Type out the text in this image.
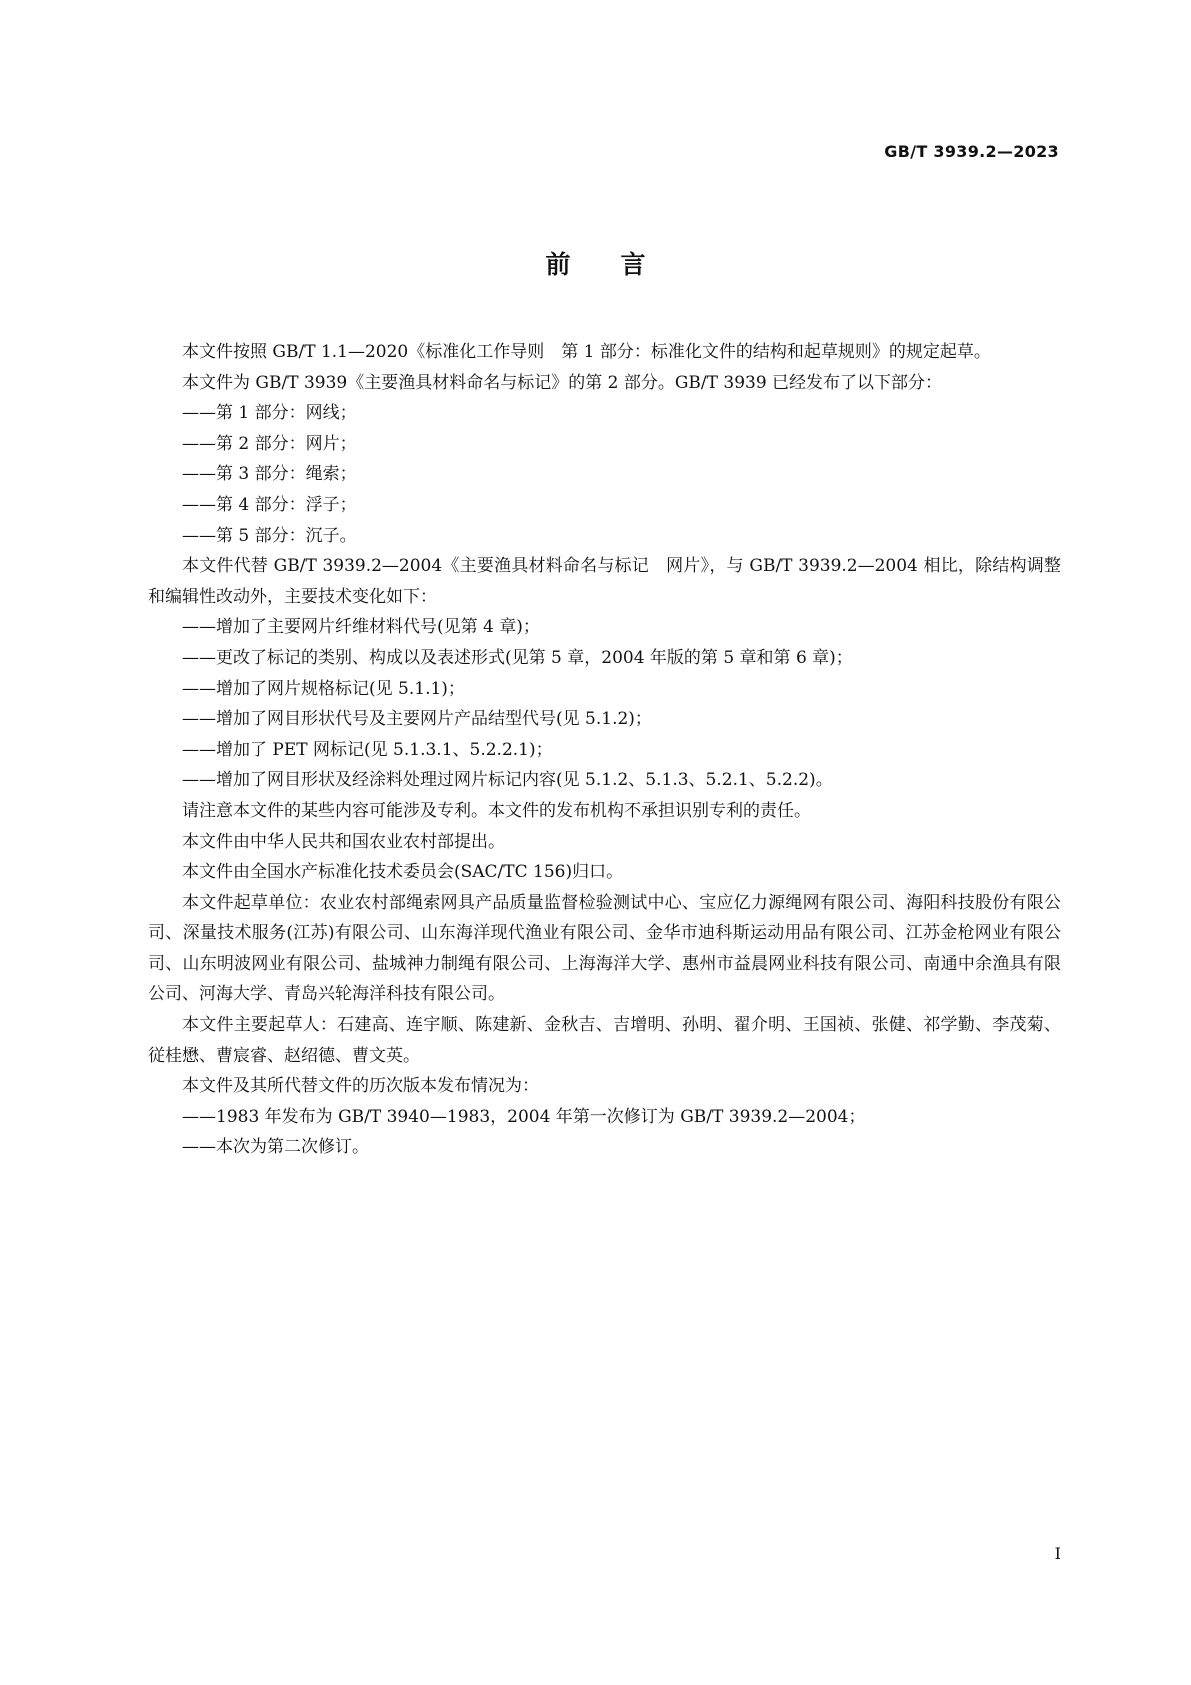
GB/T 3939.2—2023
前言

本文件按照 GB/T 1.1—2020《标准化工作导则　第 1 部分：标准化文件的结构和起草规则》的规定起草。

本文件为 GB/T 3939《主要渔具材料命名与标记》的第 2 部分。GB/T 3939 已经发布了以下部分：

——第 1 部分：网线；

——第 2 部分：网片；

——第 3 部分：绳索；

——第 4 部分：浮子；

——第 5 部分：沉子。

本文件代替 GB/T 3939.2—2004《主要渔具材料命名与标记　网片》，与 GB/T 3939.2—2004 相比，除结构调整和编辑性改动外，主要技术变化如下：

——增加了主要网片纤维材料代号(见第 4 章)；

——更改了标记的类别、构成以及表述形式(见第 5 章，2004 年版的第 5 章和第 6 章)；

——增加了网片规格标记(见 5.1.1)；

——增加了网目形状代号及主要网片产品结型代号(见 5.1.2)；

——增加了 PET 网标记(见 5.1.3.1、5.2.2.1)；

——增加了网目形状及经涂料处理过网片标记内容(见 5.1.2、5.1.3、5.2.1、5.2.2)。

请注意本文件的某些内容可能涉及专利。本文件的发布机构不承担识别专利的责任。

本文件由中华人民共和国农业农村部提出。

本文件由全国水产标准化技术委员会(SAC/TC 156)归口。

本文件起草单位：农业农村部绳索网具产品质量监督检验测试中心、宝应亿力源绳网有限公司、海阳科技股份有限公司、深量技术服务(江苏)有限公司、山东海洋现代渔业有限公司、金华市迪科斯运动用品有限公司、江苏金枪网业有限公司、山东明波网业有限公司、盐城神力制绳有限公司、上海海洋大学、惠州市益晨网业科技有限公司、南通中余渔具有限公司、河海大学、青岛兴轮海洋科技有限公司。

本文件主要起草人：石建高、连宇顺、陈建新、金秋吉、吉增明、孙明、翟介明、王国祯、张健、祁学勤、李茂菊、従桂懋、曹宸睿、赵绍德、曹文英。

本文件及其所代替文件的历次版本发布情况为：

——1983 年发布为 GB/T 3940—1983，2004 年第一次修订为 GB/T 3939.2—2004；

——本次为第二次修订。

I
